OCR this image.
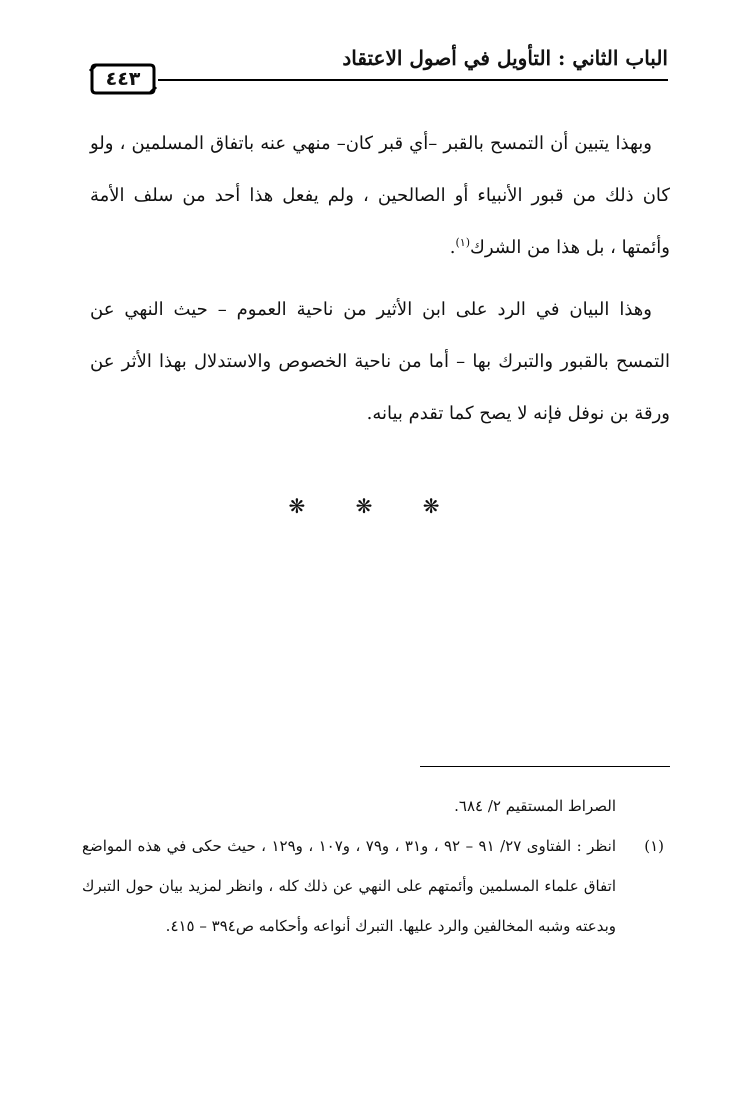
الباب الثاني : التأويل في أصول الاعتقاد
٤٤٣

وبهذا يتبين أن التمسح بالقبر –أي قبر كان– منهي عنه باتفاق المسلمين ، ولو كان ذلك من قبور الأنبياء أو الصالحين ، ولم يفعل هذا أحد من سلف الأمة وأئمتها ، بل هذا من الشرك$^{(١)}$.

وهذا البيان في الرد على ابن الأثير من ناحية العموم – حيث النهي عن التمسح بالقبور والتبرك بها – أما من ناحية الخصوص والاستدلال بهذا الأثر عن ورقة بن نوفل فإنه لا يصح كما تقدم بيانه.

❋ ❋ ❋
الصراط المستقيم ٢/ ٦٨٤.
(١)
انظر : الفتاوى ٢٧/ ٩١ – ٩٢ ، و٣١ ، و٧٩ ، و١٠٧ ، و١٢٩ ، حيث حكى في هذه المواضع اتفاق علماء المسلمين وأئمتهم على النهي عن ذلك كله ، وانظر لمزيد بيان حول التبرك وبدعته وشبه المخالفين والرد عليها. التبرك أنواعه وأحكامه ص٣٩٤ – ٤١٥.
